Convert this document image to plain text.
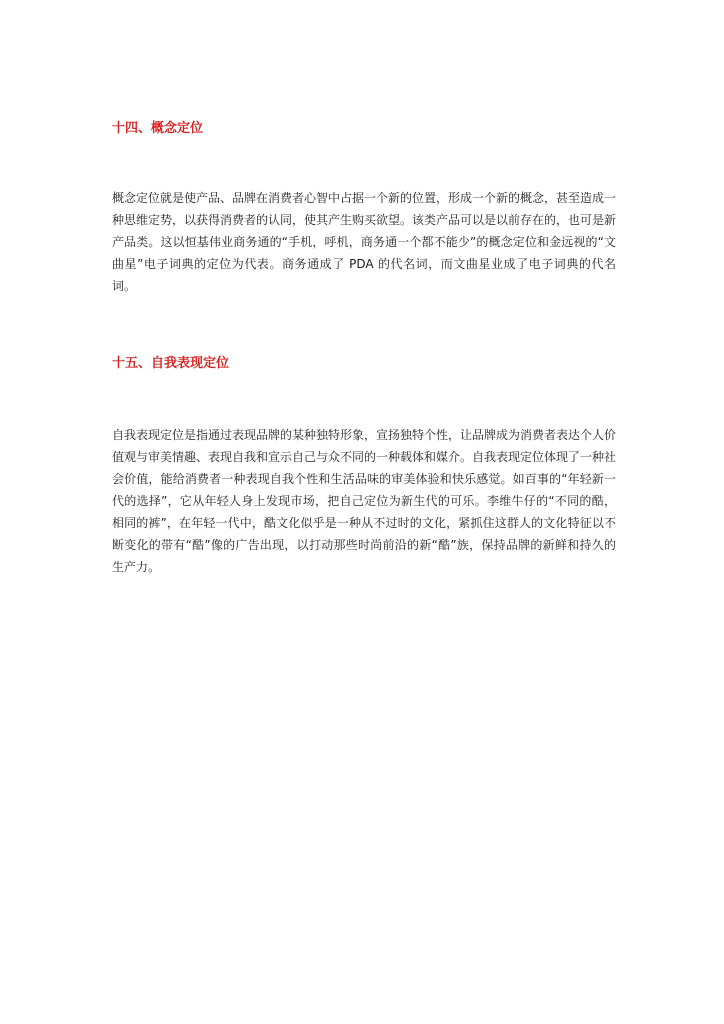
十四、概念定位

概念定位就是使产品、品牌在消费者心智中占据一个新的位置，形成一个新的概念，甚至造成一种思维定势，以获得消费者的认同，使其产生购买欲望。该类产品可以是以前存在的，也可是新产品类。这以恒基伟业商务通的“手机，呼机，商务通一个都不能少”的概念定位和金远视的“文曲星”电子词典的定位为代表。商务通成了 PDA 的代名词，而文曲星业成了电子词典的代名词。

十五、自我表现定位

自我表现定位是指通过表现品牌的某种独特形象，宣扬独特个性，让品牌成为消费者表达个人价值观与审美情趣、表现自我和宣示自己与众不同的一种载体和媒介。自我表现定位体现了一种社会价值，能给消费者一种表现自我个性和生活品味的审美体验和快乐感觉。如百事的“年轻新一代的选择”，它从年轻人身上发现市场，把自己定位为新生代的可乐。李维牛仔的“不同的酷，相同的裤”，在年轻一代中，酷文化似乎是一种从不过时的文化，紧抓住这群人的文化特征以不断变化的带有“酷”像的广告出现，以打动那些时尚前沿的新“酷”族，保持品牌的新鲜和持久的生产力。
